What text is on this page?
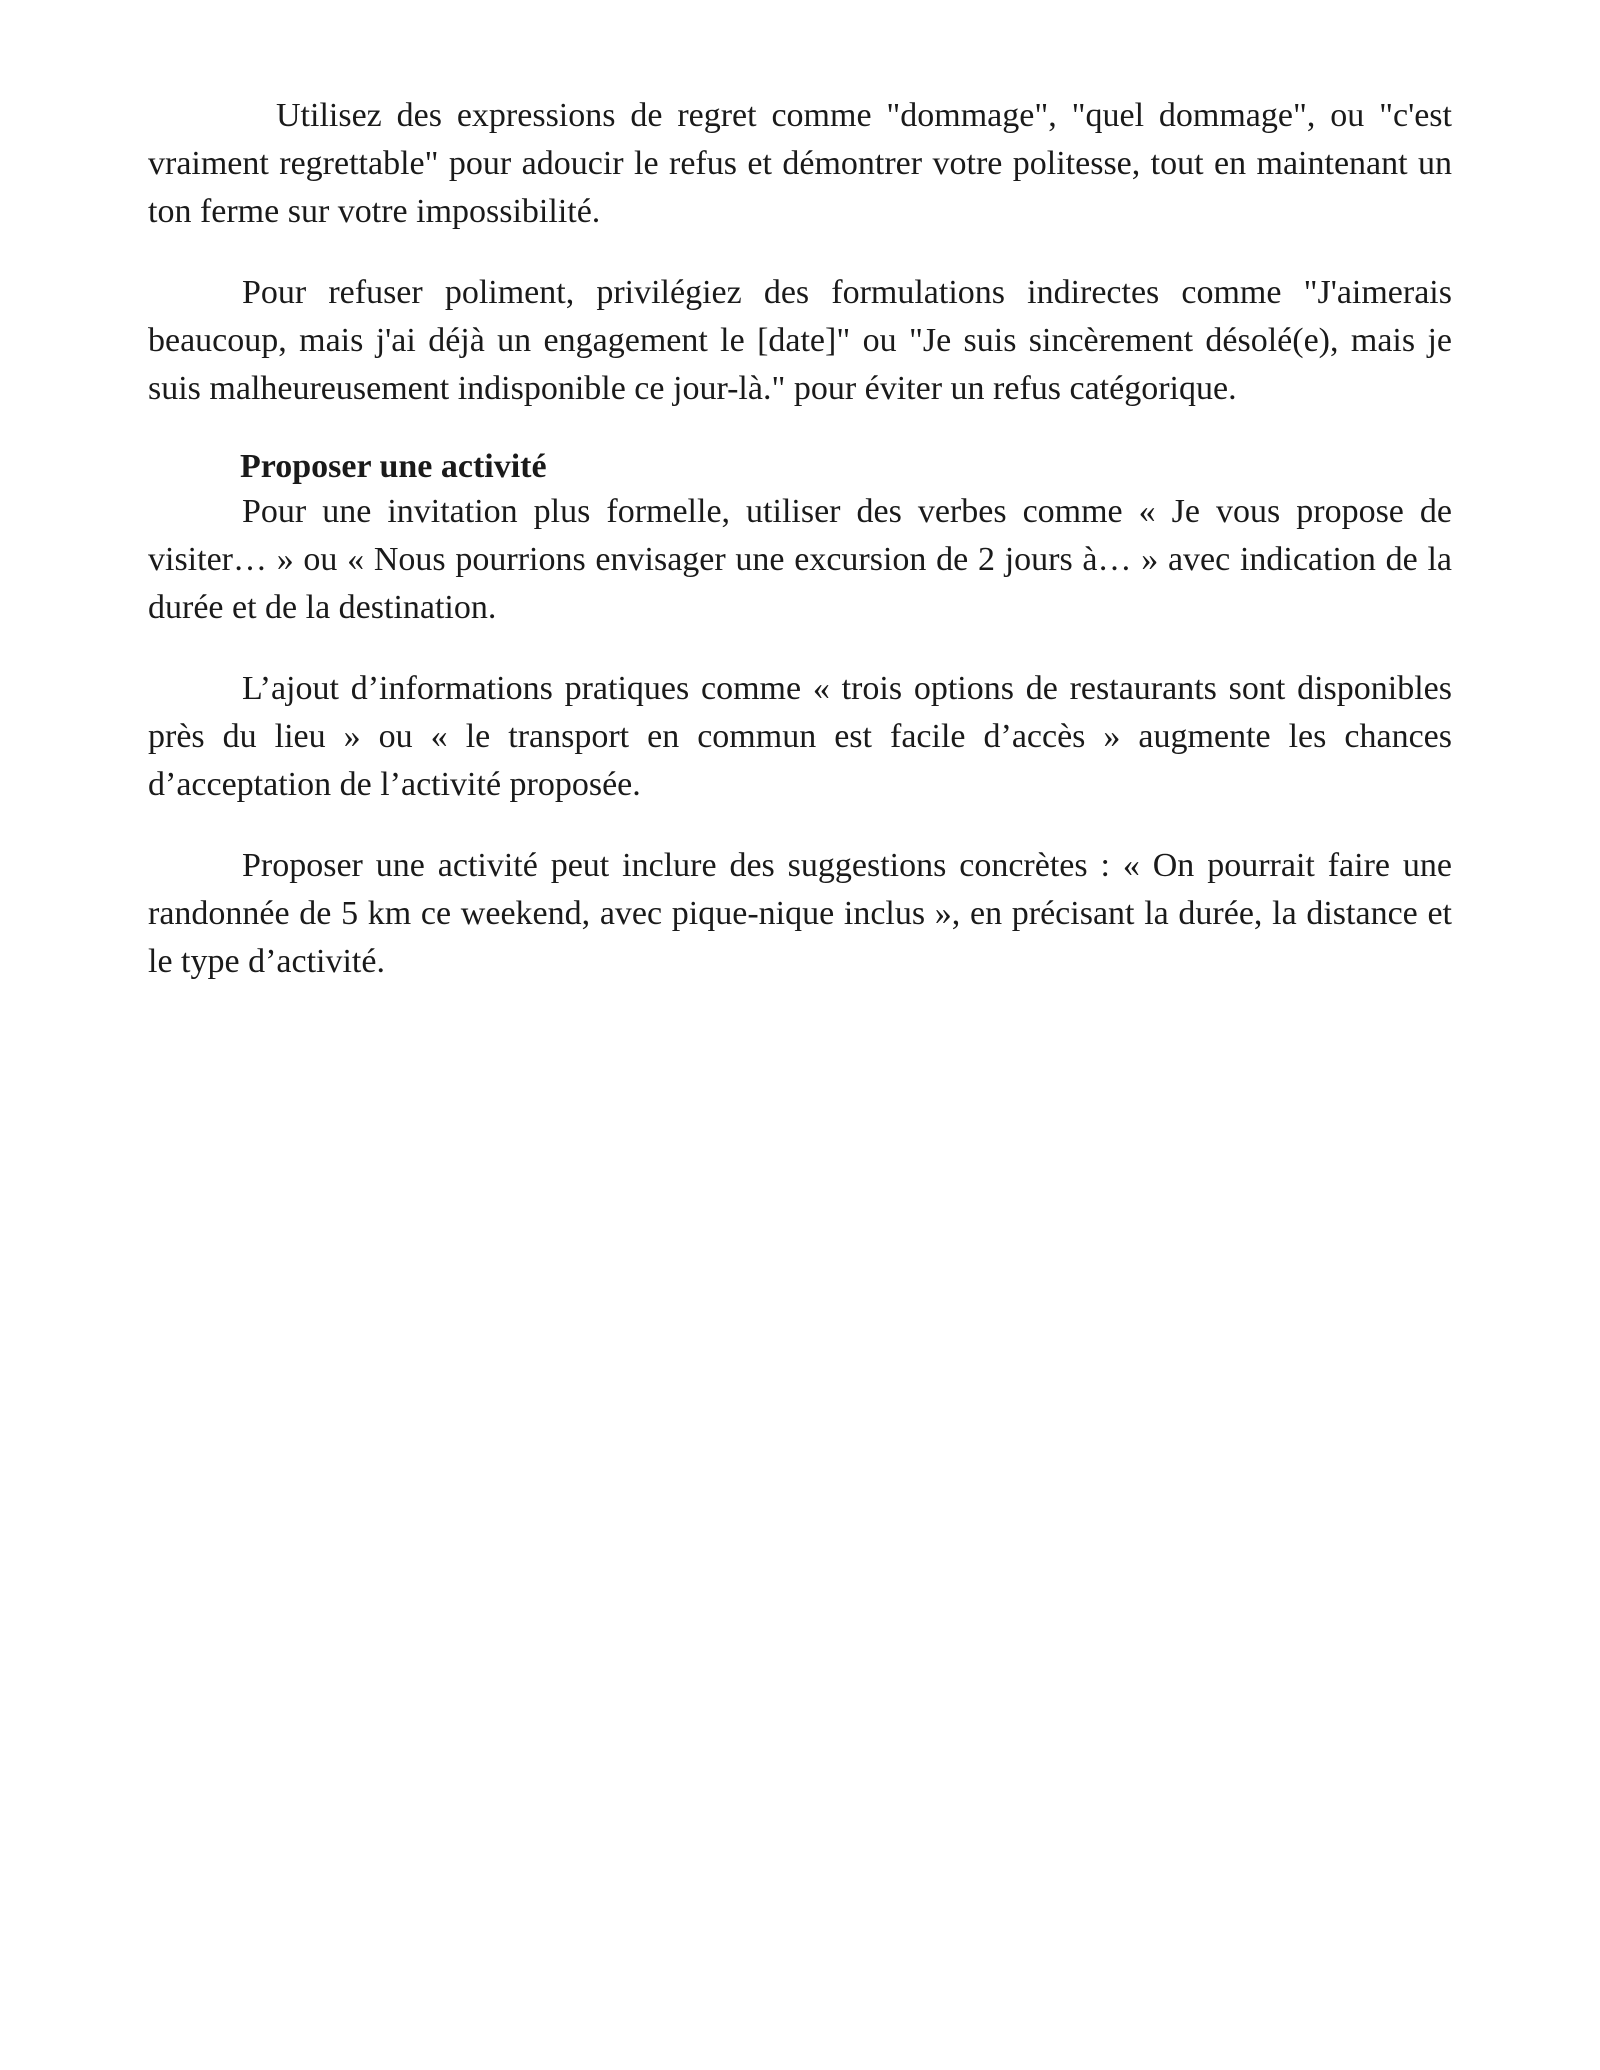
Utilisez des expressions de regret comme "dommage", "quel dommage", ou "c'est vraiment regrettable" pour adoucir le refus et démontrer votre politesse, tout en maintenant un ton ferme sur votre impossibilité.

Pour refuser poliment, privilégiez des formulations indirectes comme "J'aimerais beaucoup, mais j'ai déjà un engagement le [date]" ou "Je suis sincèrement désolé(e), mais je suis malheureusement indisponible ce jour-là." pour éviter un refus catégorique.

Proposer une activité

Pour une invitation plus formelle, utiliser des verbes comme « Je vous propose de visiter… » ou « Nous pourrions envisager une excursion de 2 jours à… » avec indication de la durée et de la destination.

L’ajout d’informations pratiques comme « trois options de restaurants sont disponibles près du lieu » ou « le transport en commun est facile d’accès » augmente les chances d’acceptation de l’activité proposée.

Proposer une activité peut inclure des suggestions concrètes : « On pourrait faire une randonnée de 5 km ce weekend, avec pique-nique inclus », en précisant la durée, la distance et le type d’activité.
